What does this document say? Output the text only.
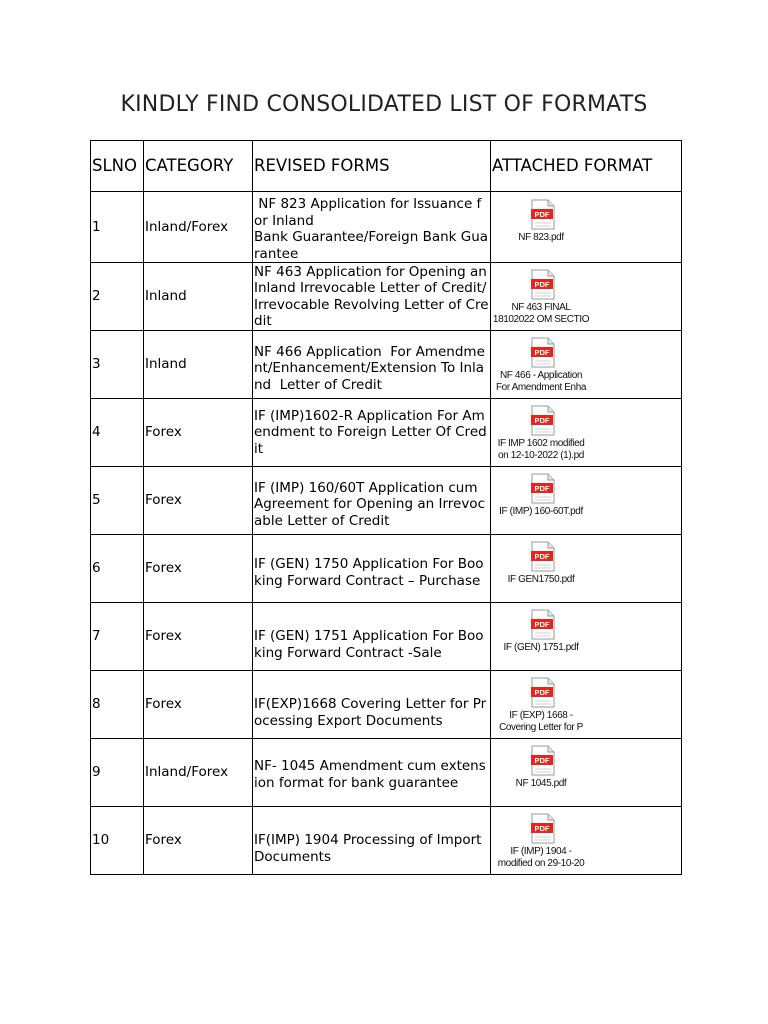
KINDLY FIND CONSOLIDATED LIST OF FORMATS
SLNO	CATEGORY	REVISED FORMS	ATTACHED FORMAT
1	Inland/Forex	NF 823 Application for Issuance for Inland
Bank Guarantee/Foreign Bank Guarantee	PDF
NF 823.pdf

2	Inland	NF 463 Application for Opening an Inland Irrevocable Letter of Credit/ Irrevocable Revolving Letter of Credit	PDF
NF 463 FINAL
18102022 OM SECTIO

3	Inland	NF 466 Application  For Amendment/Enhancement/Extension To Inland  Letter of Credit	PDF
NF 466 - Application
For Amendment Enha

4	Forex	IF (IMP)1602-R Application For Amendment to Foreign Letter Of Credit	PDF
IF IMP 1602 modified
on 12-10-2022 (1).pd

5	Forex	IF (IMP) 160/60T Application cum Agreement for Opening an Irrevocable Letter of Credit	PDF
IF (IMP) 160-60T.pdf

6	Forex	IF (GEN) 1750 Application For Booking Forward Contract – Purchase	PDF
IF GEN1750.pdf

7	Forex	IF (GEN) 1751 Application For Booking Forward Contract -Sale	PDF
IF (GEN) 1751.pdf

8	Forex	IF(EXP)1668 Covering Letter for Processing Export Documents	PDF
IF (EXP) 1668 -
Covering Letter for P

9	Inland/Forex	NF- 1045 Amendment cum extension format for bank guarantee	PDF
NF 1045.pdf

10	Forex	IF(IMP) 1904 Processing of Import Documents	PDF
IF (IMP) 1904 -
modified on 29-10-20
